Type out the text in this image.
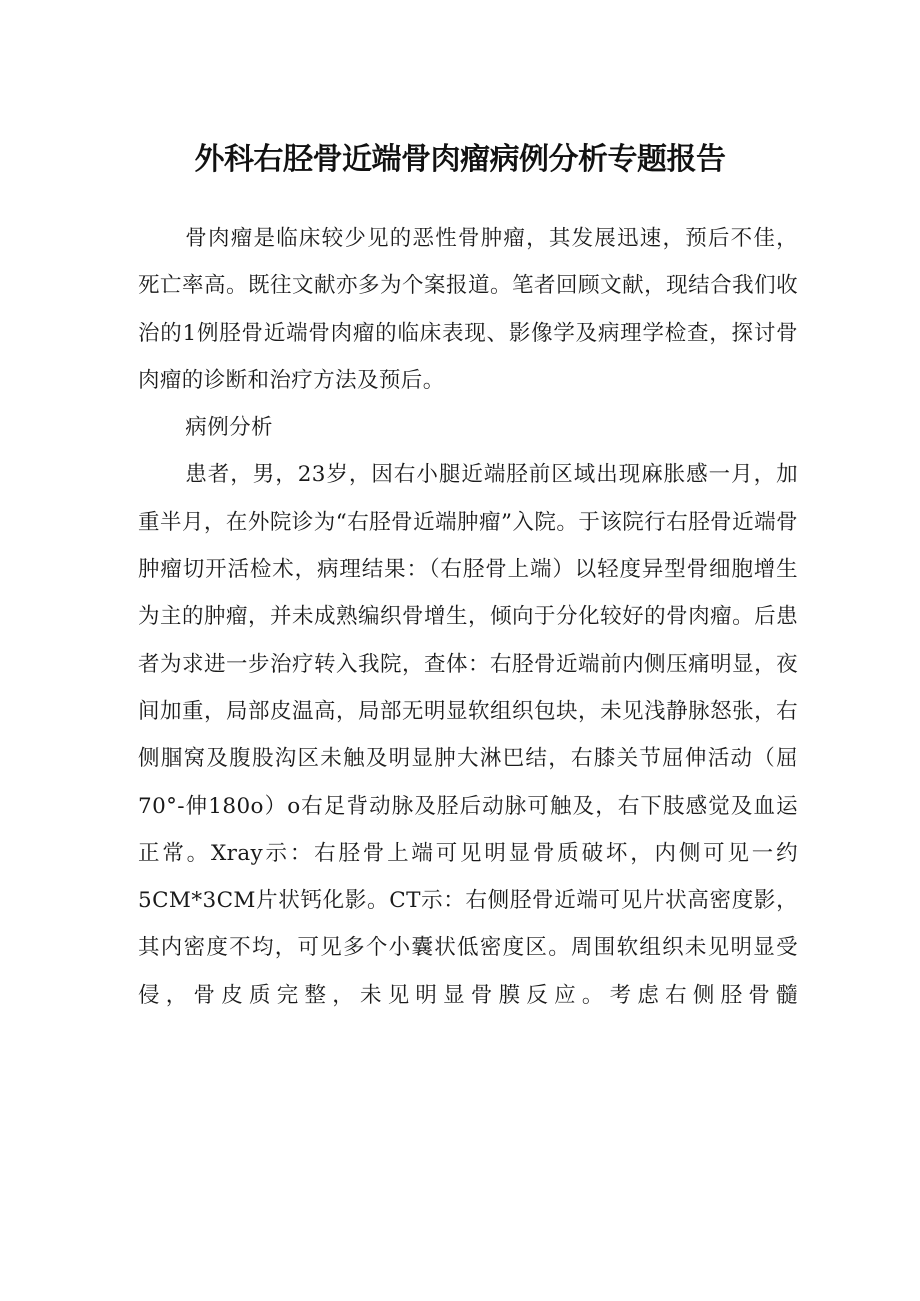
外科右胫骨近端骨肉瘤病例分析专题报告

骨肉瘤是临床较少见的恶性骨肿瘤，其发展迅速，预后不佳，死亡率高。既往文献亦多为个案报道。笔者回顾文献，现结合我们收治的1例胫骨近端骨肉瘤的临床表现、影像学及病理学检查，探讨骨肉瘤的诊断和治疗方法及预后。

病例分析

患者，男，23岁，因右小腿近端胫前区域出现麻胀感一月，加重半月，在外院诊为“右胫骨近端肿瘤”入院。于该院行右胫骨近端骨肿瘤切开活检术，病理结果：（右胫骨上端）以轻度异型骨细胞增生为主的肿瘤，并未成熟编织骨增生，倾向于分化较好的骨肉瘤。后患者为求进一步治疗转入我院，查体：右胫骨近端前内侧压痛明显，夜间加重，局部皮温高，局部无明显软组织包块，未见浅静脉怒张，右侧腘窝及腹股沟区未触及明显肿大淋巴结，右膝关节屈伸活动（屈70°-伸180o）o右足背动脉及胫后动脉可触及，右下肢感觉及血运正常。Xray示：右胫骨上端可见明显骨质破坏，内侧可见一约5CM*3CM片状钙化影。CT示：右侧胫骨近端可见片状高密度影，其内密度不均，可见多个小囊状低密度区。周围软组织未见明显受侵，骨皮质完整，未见明显骨膜反应。考虑右侧胫骨髓
